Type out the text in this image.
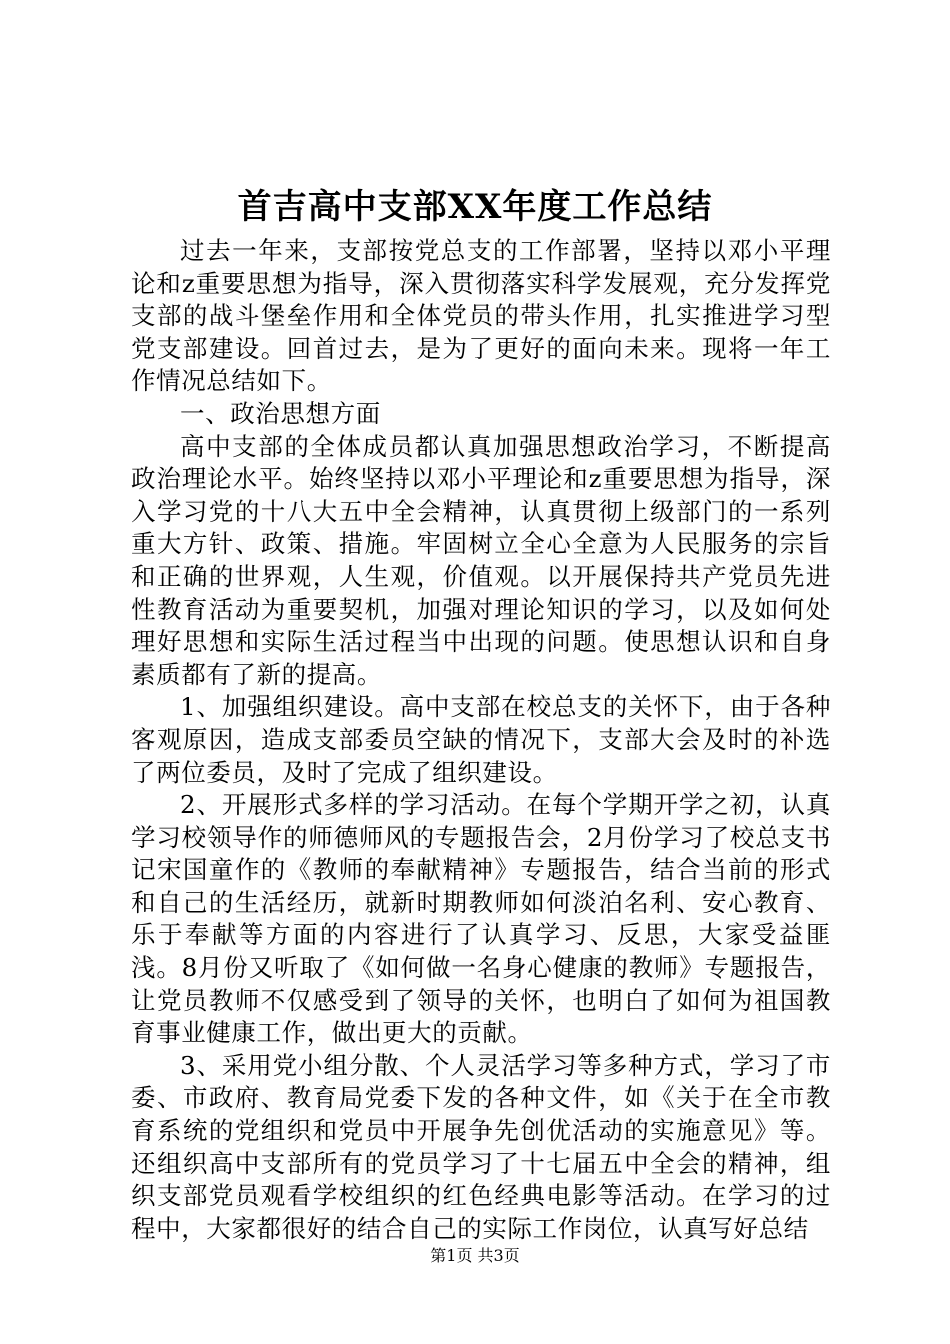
首吉高中支部XX年度工作总结

过去一年来，支部按党总支的工作部署，坚持以邓小平理论和z重要思想为指导，深入贯彻落实科学发展观，充分发挥党支部的战斗堡垒作用和全体党员的带头作用，扎实推进学习型党支部建设。回首过去，是为了更好的面向未来。现将一年工作情况总结如下。

一、政治思想方面

高中支部的全体成员都认真加强思想政治学习，不断提高政治理论水平。始终坚持以邓小平理论和z重要思想为指导，深入学习党的十八大五中全会精神，认真贯彻上级部门的一系列重大方针、政策、措施。牢固树立全心全意为人民服务的宗旨和正确的世界观，人生观，价值观。以开展保持共产党员先进性教育活动为重要契机，加强对理论知识的学习，以及如何处理好思想和实际生活过程当中出现的问题。使思想认识和自身素质都有了新的提高。

1、加强组织建设。高中支部在校总支的关怀下，由于各种客观原因，造成支部委员空缺的情况下，支部大会及时的补选了两位委员，及时了完成了组织建设。

2、开展形式多样的学习活动。在每个学期开学之初，认真学习校领导作的师德师风的专题报告会，2月份学习了校总支书记宋国童作的《教师的奉献精神》专题报告，结合当前的形式和自己的生活经历，就新时期教师如何淡泊名利、安心教育、乐于奉献等方面的内容进行了认真学习、反思，大家受益匪浅。8月份又听取了《如何做一名身心健康的教师》专题报告，让党员教师不仅感受到了领导的关怀，也明白了如何为祖国教育事业健康工作，做出更大的贡献。

3、采用党小组分散、个人灵活学习等多种方式，学习了市委、市政府、教育局党委下发的各种文件，如《关于在全市教育系统的党组织和党员中开展争先创优活动的实施意见》等。还组织高中支部所有的党员学习了十七届五中全会的精神，组织支部党员观看学校组织的红色经典电影等活动。在学习的过程中，大家都很好的结合自己的实际工作岗位，认真写好总结

第1页 共3页
